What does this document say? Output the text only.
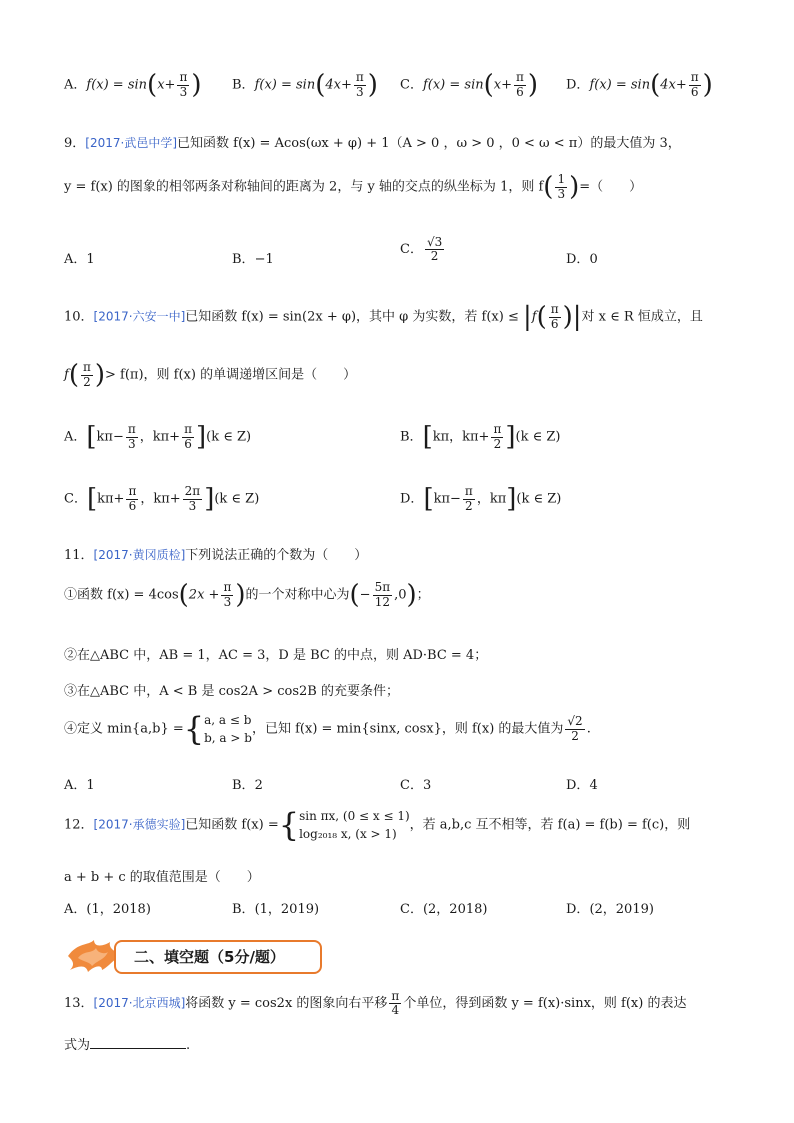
A．$f(x) = \sin(x+ \frac{\pi}{3}$ ) B．$f(x) = \sin(4x+ \frac{\pi}{3}$ ) C．$f(x) = \sin(x+ \frac{\pi}{6}$ ) D．$f(x) = \sin(4x+ \frac{\pi}{6}$ )
9．[2017·武邑中学]已知函数 f(x) = Acos(ωx + φ) + 1（A > 0 ，ω > 0 ，0 < ω < π）的最大值为 3，
y = f(x) 的图象的相邻两条对称轴间的距离为 2，与 y 轴的交点的纵坐标为 1，则 $f( \frac{1}{3}$ )=（　　）
A．1	B．−1
C． $\frac{√3}{2}$	D．0
10．[2017·六安一中]已知函数 f(x) = sin(2x + φ)，其中 φ 为实数，若 $f(x) \le |f( \frac{\pi}{6}$ )|对 x ∈ R 恒成立，且
$f( \frac{\pi}{2}$ )> f(π)，则 f(x) 的单调递增区间是（　　）
A．[$k\pi- \frac{\pi}{3}$ ，$k\pi+ \frac{\pi}{6} ](k$ ∈ Z)	B．[kπ，$k\pi+ \frac{\pi}{2} ](k$ ∈ Z)
C．[$k\pi+ \frac{\pi}{6}$ ，$k\pi+ \frac{2\pi}{3} ](k$ ∈ Z)	D．[$k\pi- \frac{\pi}{2}$ ，kπ](k ∈ Z)
11．[2017·黄冈质检]下列说法正确的个数为（　　）
①函数 $f(x) = 4\cos(2x + \frac{\pi}{3}$ )的一个对称中心为(− $\frac{5\pi}{12} ,0$)；
②在△ABC 中，AB = 1，AC = 3，D 是 BC 的中点，则 AD·BC = 4；
③在△ABC 中，A < B 是 cos2A > cos2B 的充要条件；
④定义 min{a,b} ={ a, a ≤ b
b, a > b
，已知 f(x) = min{sinx, cosx}，则 f(x) 的最大值为 $\frac{√2}{2}$ .
A．1	B．2	C．3	D．4
12．[2017·承德实验]已知函数 f(x) ={ sin πx, (0 ≤ x ≤ 1)
log₂₀₁₈ x, (x > 1)
，若 a,b,c 互不相等，若 f(a) = f(b) = f(c)，则
a + b + c 的取值范围是（　　）
A．(1，2018)	B．(1，2019)	C．(2，2018)	D．(2，2019)
二、填空题（5分/题）
13．[2017·北京西城]将函数 y = cos2x 的图象向右平移 $\frac{\pi}{4}$ 个单位，得到函数 y = f(x)·sinx，则 f(x) 的表达
式为	.
